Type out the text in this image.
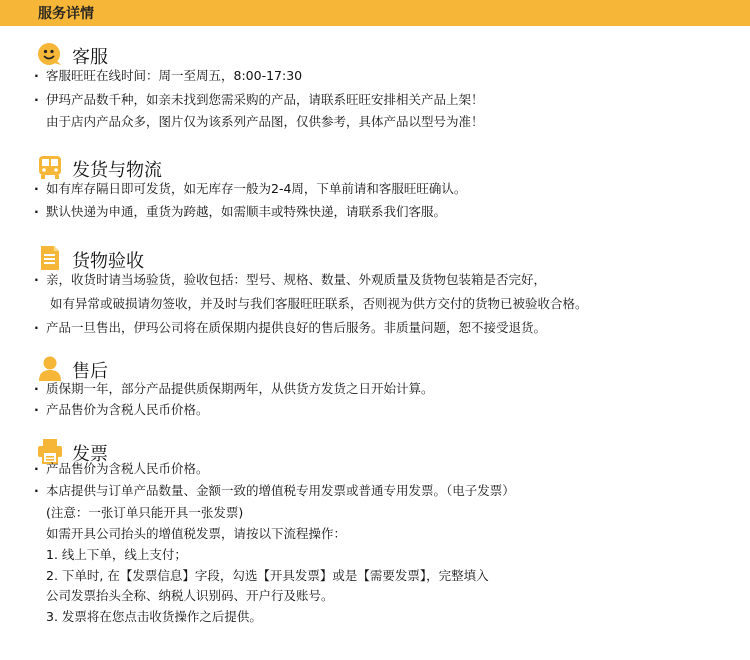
服务详情
客服
· 客服旺旺在线时间：周一至周五，8:00-17:30
· 伊玛产品数千种，如亲未找到您需采购的产品，请联系旺旺安排相关产品上架！
由于店内产品众多，图片仅为该系列产品图，仅供参考，具体产品以型号为准！
发货与物流
· 如有库存隔日即可发货，如无库存一般为2-4周，下单前请和客服旺旺确认。
· 默认快递为申通，重货为跨越，如需顺丰或特殊快递，请联系我们客服。
货物验收
· 亲，收货时请当场验货，验收包括：型号、规格、数量、外观质量及货物包装箱是否完好，
如有异常或破损请勿签收，并及时与我们客服旺旺联系，否则视为供方交付的货物已被验收合格。
· 产品一旦售出，伊玛公司将在质保期内提供良好的售后服务。非质量问题，恕不接受退货。
售后
· 质保期一年，部分产品提供质保期两年，从供货方发货之日开始计算。
· 产品售价为含税人民币价格。
发票
· 产品售价为含税人民币价格。
· 本店提供与订单产品数量、金额一致的增值税专用发票或普通专用发票。（电子发票）
(注意：一张订单只能开具一张发票)
如需开具公司抬头的增值税发票，请按以下流程操作：
1. 线上下单，线上支付；
2. 下单时, 在【发票信息】字段，勾选【开具发票】或是【需要发票】，完整填入
公司发票抬头全称、纳税人识别码、开户行及账号。
3. 发票将在您点击收货操作之后提供。
